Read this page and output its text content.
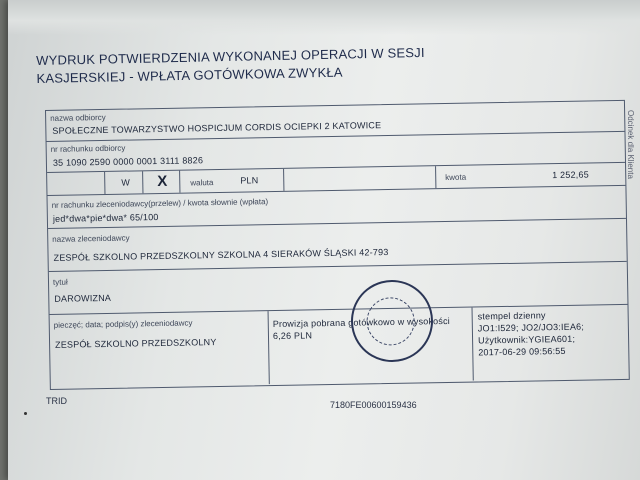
WYDRUK POTWIERDZENIA WYKONANEJ OPERACJI W SESJI
KASJERSKIEJ - WPŁATA GOTÓWKOWA ZWYKŁA
nazwa odbiorcy
SPOŁECZNE TOWARZYSTWO HOSPICJUM CORDIS OCIEPKI 2 KATOWICE
nr rachunku odbiorcy
35 1090 2590 0000 0001 3111 8826
W X	waluta	PLN	kwota	1 252,65
nr rachunku zleceniodawcy(przelew) / kwota słownie (wpłata)
jed*dwa*pie*dwa* 65/100
nazwa zleceniodawcy
ZESPÓŁ SZKOLNO PRZEDSZKOLNY SZKOLNA 4 SIERAKÓW ŚLĄSKI 42-793
tytuł
DAROWIZNA
pieczęć; data; podpis(y) zleceniodawcy
ZESPÓŁ SZKOLNO PRZEDSZKOLNY
Prowizja pobrana gotówkowo w wysokości
6,26 PLN
stempel dzienny
JO1:I529; JO2/JO3:IEA6;
Użytkownik:YGIEA601;
2017-06-29 09:56:55
Odcinek dla Klienta
TRID	7180FE00600159436
